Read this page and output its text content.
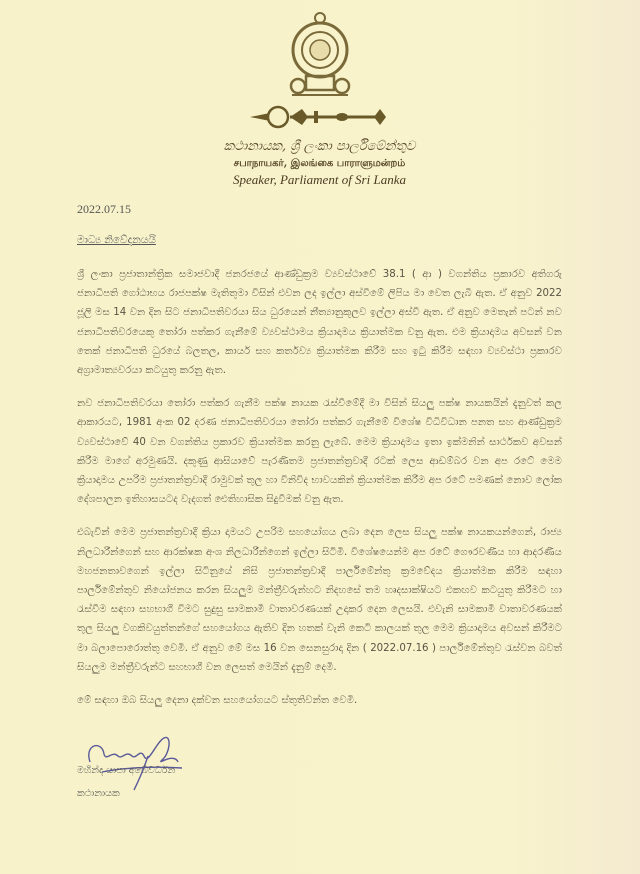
කථානායක, ශ්‍රී ලංකා පාර්ලිමේන්තුව
சபாநாயகர், இலங்கை பாராளுமன்றம்
Speaker, Parliament of Sri Lanka
2022.07.15
මාධ්‍ය නිවේදනයයි

ශ්‍රී ලංකා ප්‍රජාතාන්ත්‍රික සමාජවාදී ජනරජයේ ආණ්ඩුක්‍රම ව්‍යවස්ථාවේ 38.1 ( ආ ) වගන්තිය ප්‍රකාරව අතිගරු ජනාධිපති ගෝඨාභය රාජපක්ෂ මැතිතුමා විසින් එවන ලද ඉල්ලා අස්වීමේ ලිපිය මා වෙත ලැබී ඇත. ඒ අනුව 2022 ජූලි මස 14 වන දින සිට ජනාධිපතිවරයා සිය ධුරයෙන් නීත්‍යානුකූලව ඉල්ලා අස්වී ඇත. ඒ අනුව මෙතැන් පටන් නව ජනාධිපතිවරයෙකු තෝරා පත්කර ගැනීමේ ව්‍යවස්ථාමය ක්‍රියාදාමය ක්‍රියාත්මක වනු ඇත. එම ක්‍රියාදාමය අවසන් වන තෙක් ජනාධිපති ධුරයේ බලතල, කාර්ය සහ කර්තව්‍ය ක්‍රියාත්මක කිරීම සහ ඉටු කිරීම සඳහා ව්‍යවස්ථා ප්‍රකාරව අග්‍රාමාත්‍යවරයා කටයුතු කරනු ඇත.

නව ජනාධිපතිවරයා තෝරා පත්කර ගැනීම පක්ෂ නායක රැස්වීමේදී මා විසින් සියලු පක්ෂ නායකයින් දැනුවත් කල ආකාරයට, 1981 අංක 02 දරණ ජනාධිපතිවරයා තෝරා පත්කර ගැනීමේ විශේෂ විධිවිධාන පනත සහ ආණ්ඩුක්‍රම ව්‍යවස්ථාවේ 40 වන වගන්තිය ප්‍රකාරව ක්‍රියාත්මක කරනු ලැබේ. මෙම ක්‍රියාදාමය ඉතා ඉක්මනින් සාර්ථකව අවසන් කිරීම මාගේ අරමුණයි. දකුණු ආසියාවේ පැරණිතම ප්‍රජාතන්ත්‍රවාදී රටක් ලෙස ආඩම්බර වන අප රටේ මෙම ක්‍රියාදාමය උපරිම ප්‍රජාතන්ත්‍රවාදී රාමුවක් තුල හා විනිවිද භාවයකින් ක්‍රියාත්මක කිරීම අප රටේ පමණක් නොව ලෝක දේශපාලන ඉතිහාසයටද වැදගත් ඓතිහාසික සිදුවීමක් වනු ඇත.

එබැවින් මෙම ප්‍රජාතන්ත්‍රවාදී ක්‍රියා දාමයට උපරිම සහයෝගය ලබා දෙන ලෙස සියලු පක්ෂ නායකයන්ගෙන්, රාජ්‍ය නිලධාරීන්ගෙන් සහ ආරක්ෂක අංශ නිලධාරීන්ගෙන් ඉල්ලා සිටිමි. විශේෂයෙන්ම අප රටේ ගෞරවණීය හා ආදරණීය මහජනතාවගෙන් ඉල්ලා සිටිනුයේ නිසි ප්‍රජාතන්ත්‍රවාදී පාර්ලිමේන්තු ක්‍රමවේදය ක්‍රියාත්මක කිරීම සඳහා පාර්ලිමේන්තුව නියෝජනය කරන සියලුම මන්ත්‍රීවරුන්හට නිදහසේ තම හෘදසාක්ෂියට එකඟව කටයුතු කිරීමට හා රැස්වීම සඳහා සහභාගී වීමට සුදුසු සාමකාමී වාතාවරණයක් උදාකර දෙන ලෙසයි. එවැනි සාමකාමී වාතාවරණයක් තුල සියලු වගකිවයුත්තන්ගේ සහයෝගය ඇතිව දින හතක් වැනි කෙටි කාලයක් තුල මෙම ක්‍රියාදාමය අවසන් කිරීමට මා බලාපොරොත්තු වෙමි. ඒ අනුව මේ මස 16 වන සෙනසුරාදා දින ( 2022.07.16 ) පාර්ලිමේන්තුව රැස්වන බවත් සියලුම මන්ත්‍රීවරුන්ට සහභාගී වන ලෙසත් මෙයින් දැනුම් දෙමි.

මේ සඳහා ඔබ සියලු දෙනා දක්වන සහයෝගයට ස්තුතිවන්ත වෙමි.

මහින්ද යාපා අබේවර්ධන
කථානායක
